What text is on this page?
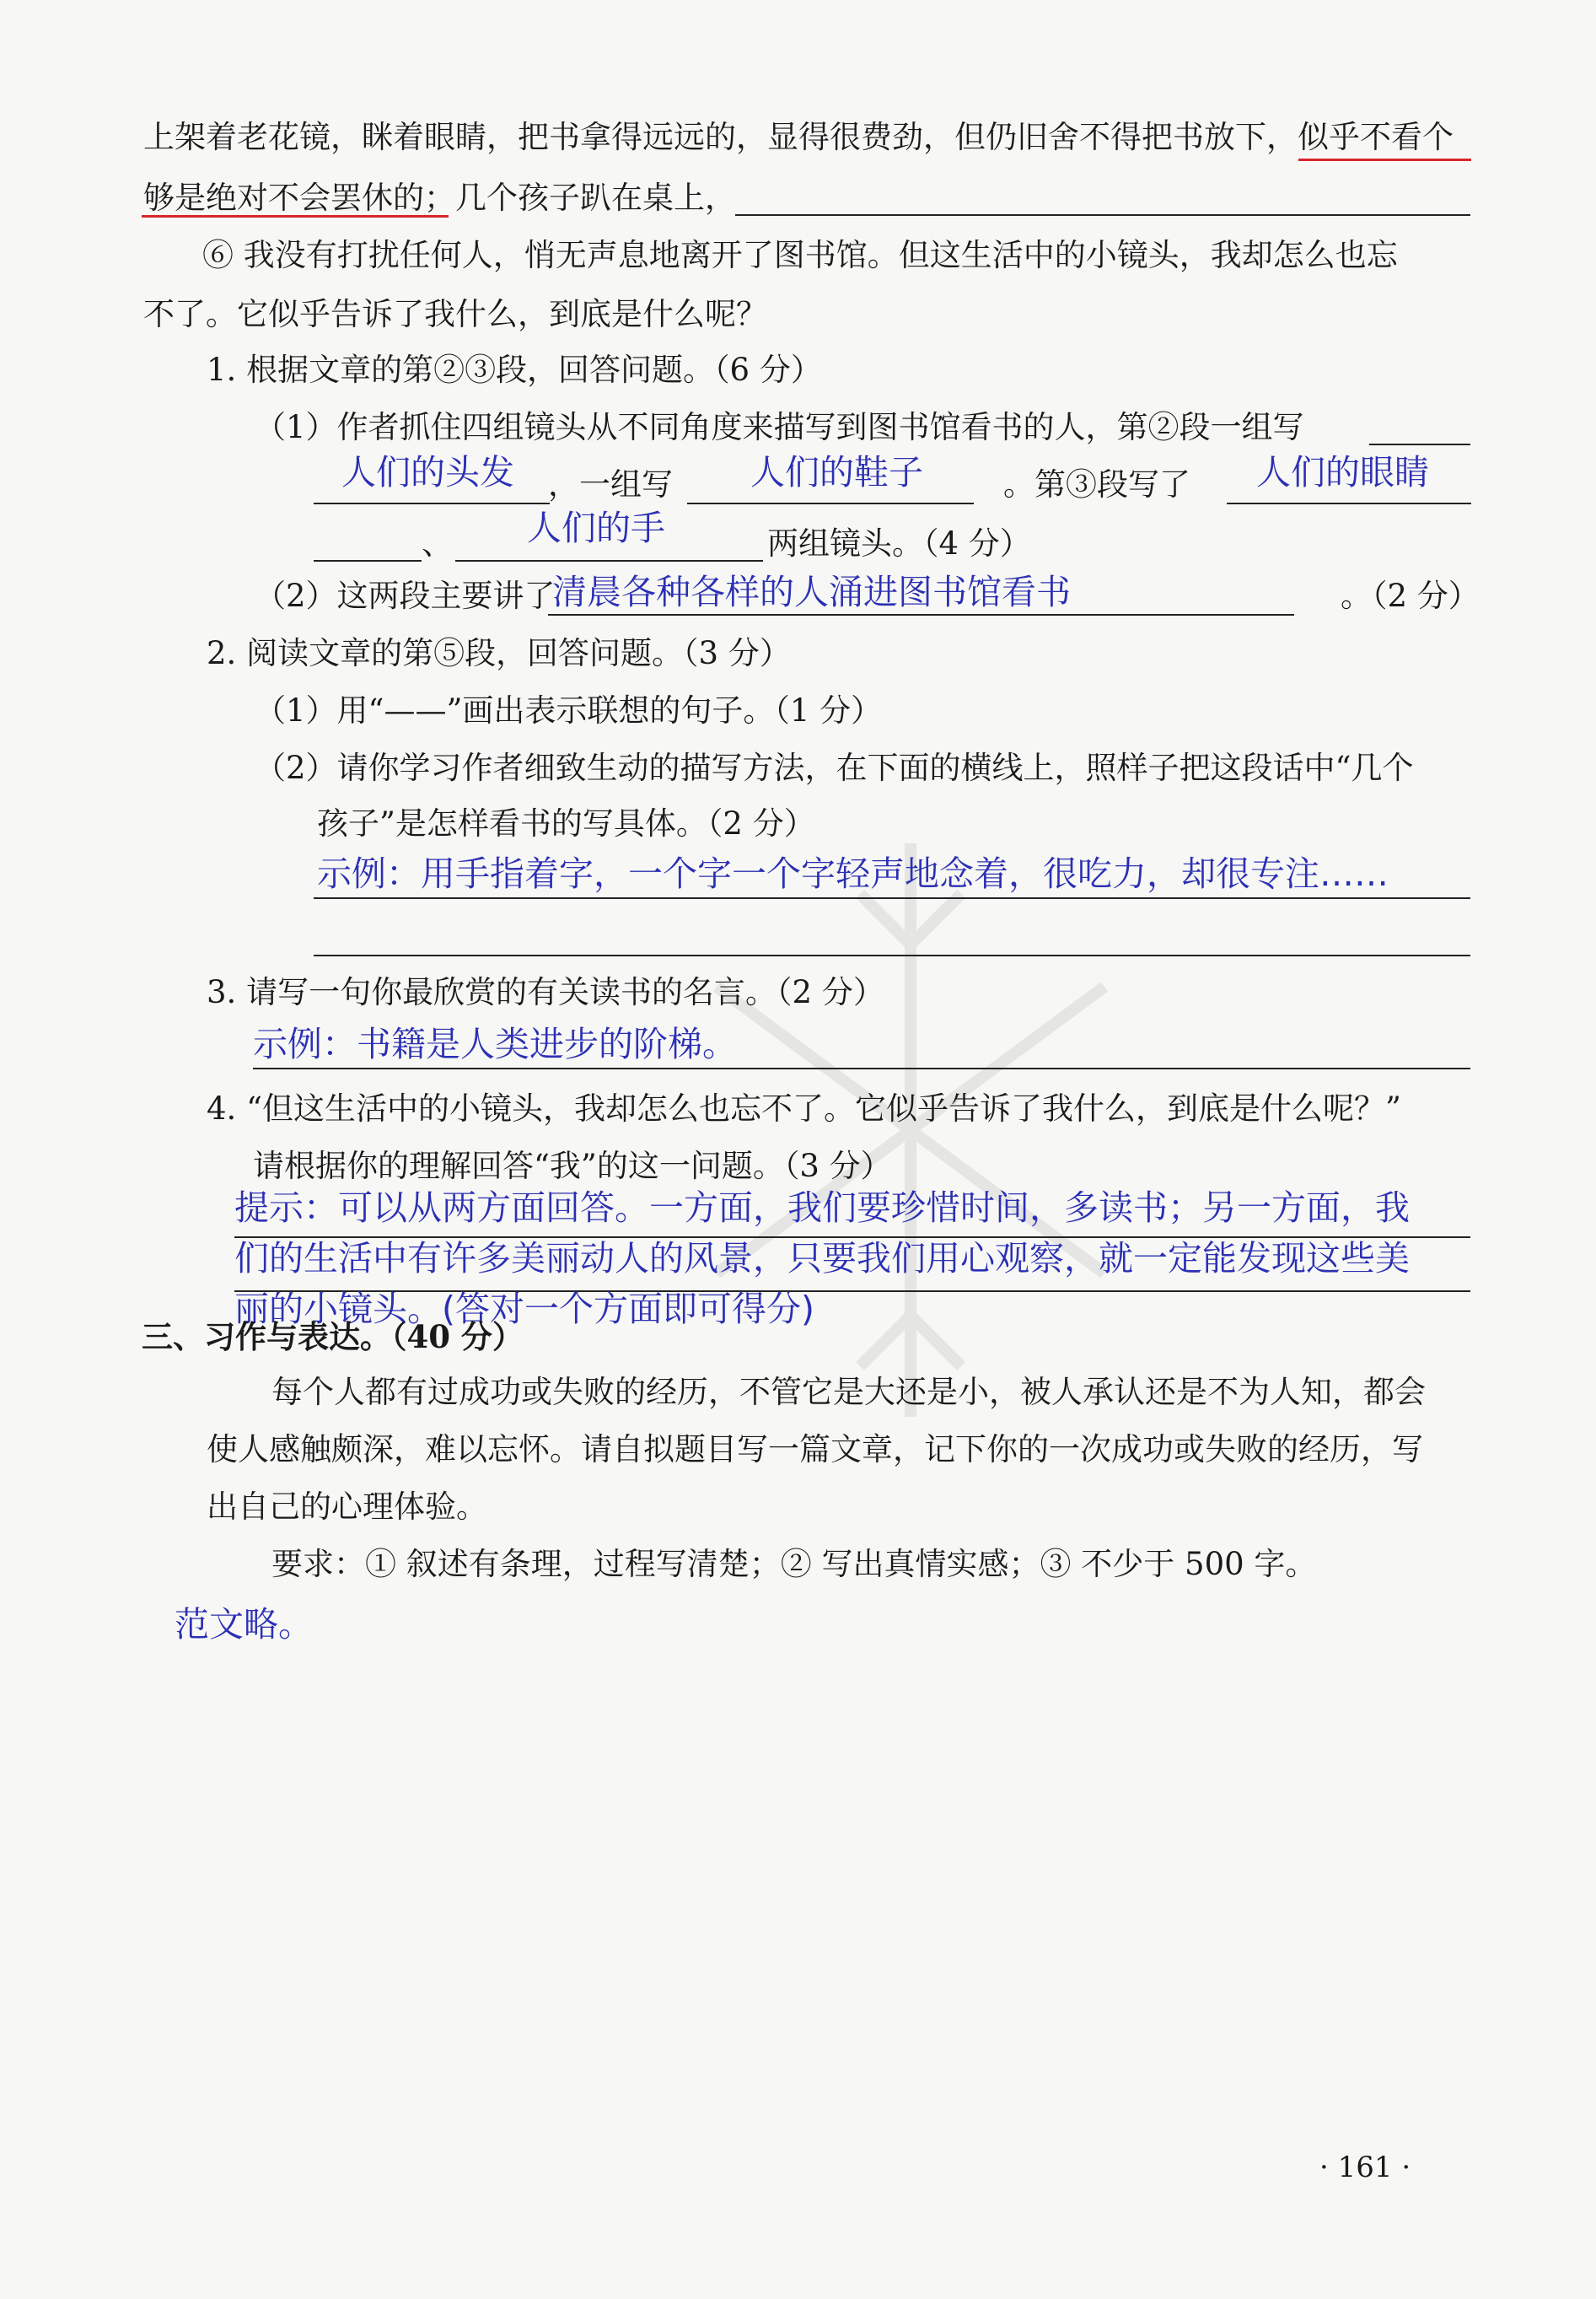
上架着老花镜，眯着眼睛，把书拿得远远的，显得很费劲，但仍旧舍不得把书放下，似乎不看个
够是绝对不会罢休的；几个孩子趴在桌上，
⑥ 我没有打扰任何人，悄无声息地离开了图书馆。但这生活中的小镜头，我却怎么也忘
不了。它似乎告诉了我什么，到底是什么呢？
1. 根据文章的第②③段，回答问题。（6 分）
（1）作者抓住四组镜头从不同角度来描写到图书馆看书的人，第②段一组写
人们的头发 ，一组写 人们的鞋子	。第③段写了 人们的眼睛
、 人们的手	两组镜头。（4 分）
（2）这两段主要讲了
清晨各种各样的人涌进图书馆看书	。（2 分）
2. 阅读文章的第⑤段，回答问题。（3 分）
（1）用“——”画出表示联想的句子。（1 分）
（2）请你学习作者细致生动的描写方法，在下面的横线上，照样子把这段话中“几个
孩子”是怎样看书的写具体。（2 分）
示例：用手指着字，一个字一个字轻声地念着，很吃力，却很专注……
3. 请写一句你最欣赏的有关读书的名言。（2 分）
示例：书籍是人类进步的阶梯。
4. “但这生活中的小镜头，我却怎么也忘不了。它似乎告诉了我什么，到底是什么呢？”
请根据你的理解回答“我”的这一问题。（3 分）
提示：可以从两方面回答。一方面，我们要珍惜时间，多读书；另一方面，我
们的生活中有许多美丽动人的风景，只要我们用心观察，就一定能发现这些美
丽的小镜头。(答对一个方面即可得分)
三、习作与表达。（40 分）
每个人都有过成功或失败的经历，不管它是大还是小，被人承认还是不为人知，都会
使人感触颇深，难以忘怀。请自拟题目写一篇文章，记下你的一次成功或失败的经历，写
出自己的心理体验。
要求：① 叙述有条理，过程写清楚；② 写出真情实感；③ 不少于 500 字。
范文略。
· 161 ·
